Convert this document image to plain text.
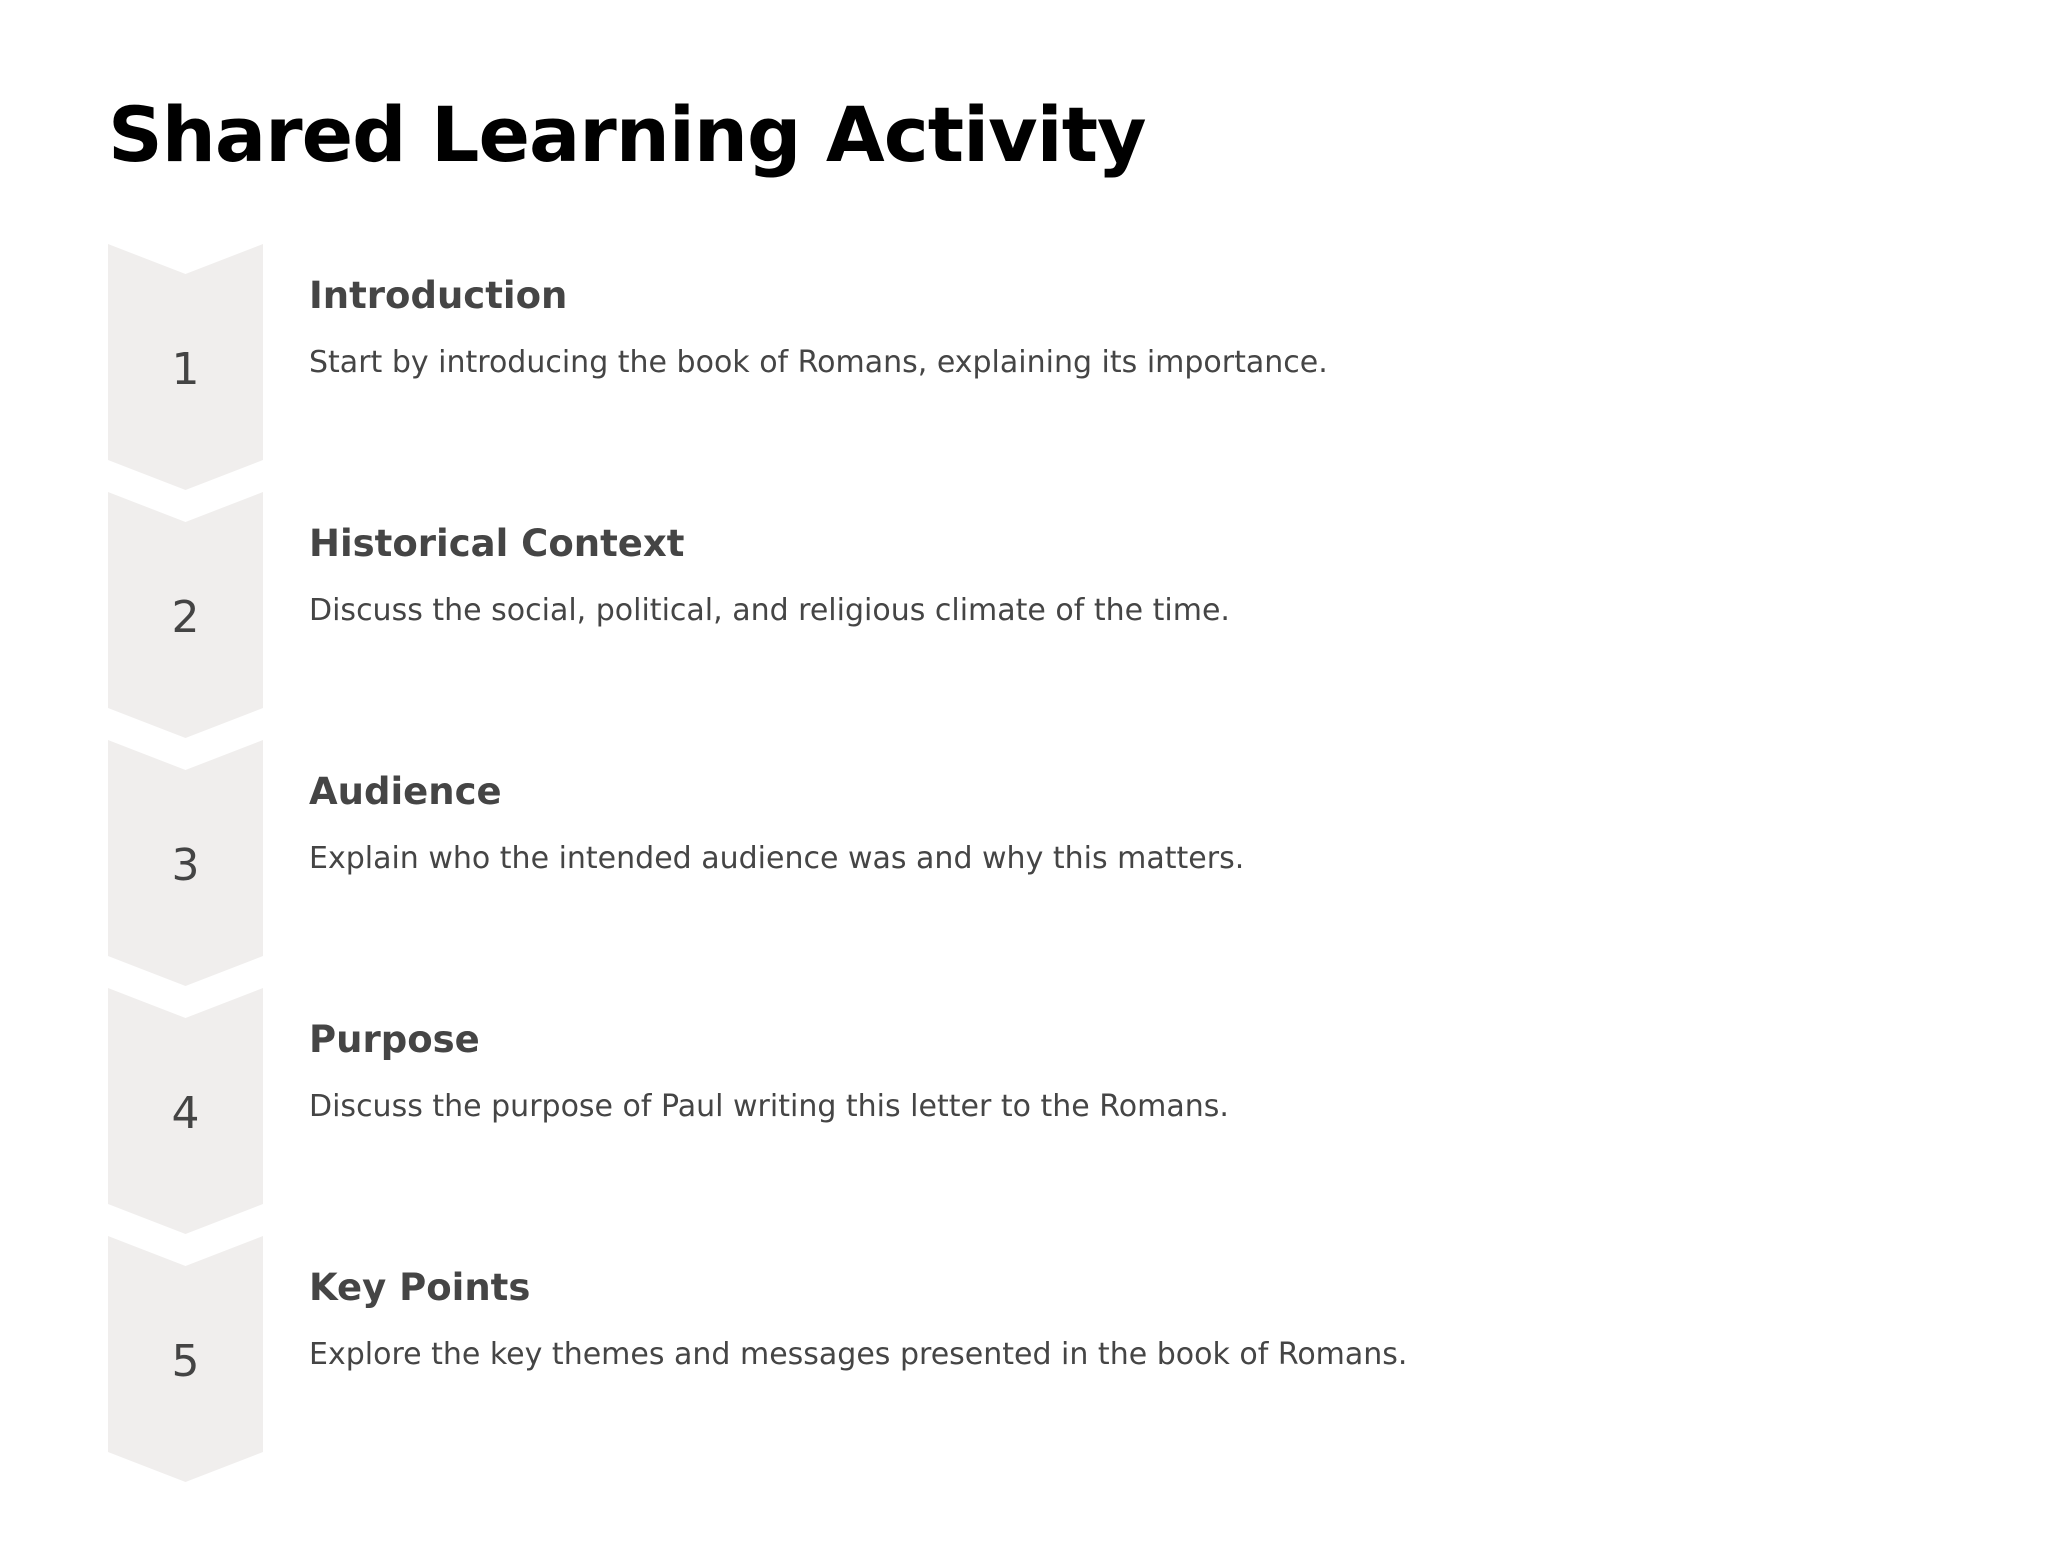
Shared Learning Activity
1
Introduction

Start by introducing the book of Romans, explaining its importance.

2
Historical Context

Discuss the social, political, and religious climate of the time.

3
Audience

Explain who the intended audience was and why this matters.

4
Purpose

Discuss the purpose of Paul writing this letter to the Romans.

5
Key Points

Explore the key themes and messages presented in the book of Romans.
